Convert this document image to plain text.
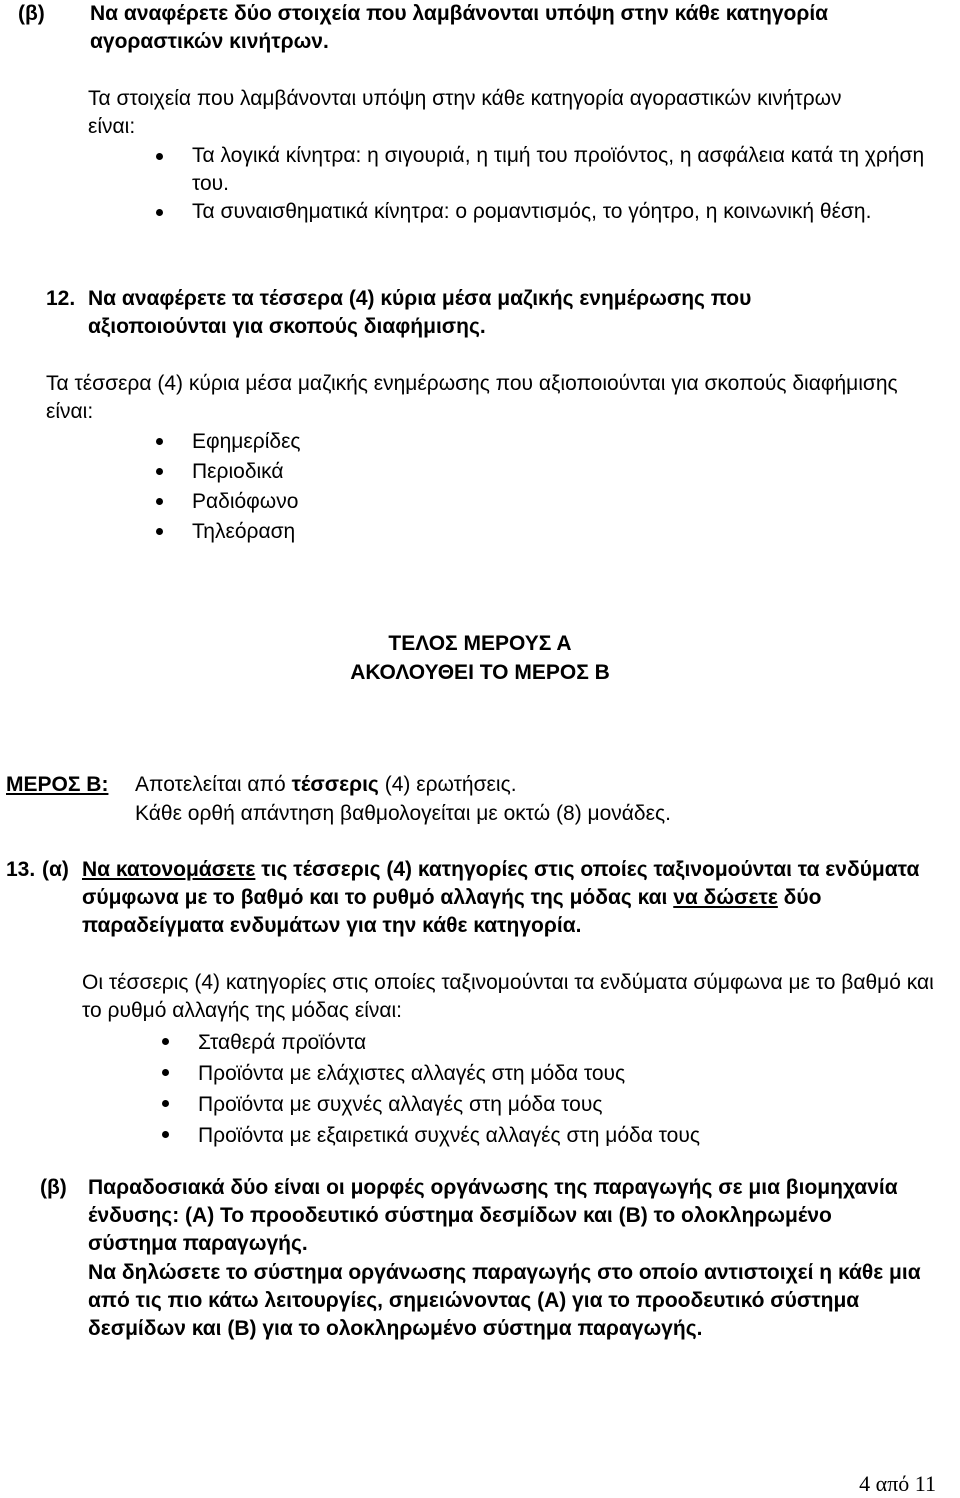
(β) Να αναφέρετε δύο στοιχεία που λαμβάνονται υπόψη στην κάθε κατηγορία αγοραστικών κινήτρων.
Τα στοιχεία που λαμβάνονται υπόψη στην κάθε κατηγορία αγοραστικών κινήτρων είναι:
Τα λογικά κίνητρα: η σιγουριά, η τιμή του προϊόντος, η ασφάλεια κατά τη χρήση του.
Τα συναισθηματικά κίνητρα: ο ρομαντισμός, το γόητρο, η κοινωνική θέση.
12. Να αναφέρετε τα τέσσερα (4) κύρια μέσα μαζικής ενημέρωσης που αξιοποιούνται για σκοπούς διαφήμισης.
Τα τέσσερα (4) κύρια μέσα μαζικής ενημέρωσης που αξιοποιούνται για σκοπούς διαφήμισης είναι:
Εφημερίδες
Περιοδικά
Ραδιόφωνο
Τηλεόραση
ΤΕΛΟΣ ΜΕΡΟΥΣ Α
ΑΚΟΛΟΥΘΕΙ ΤΟ ΜΕΡΟΣ Β
ΜΕΡΟΣ Β: Αποτελείται από τέσσερις (4) ερωτήσεις.
Κάθε ορθή απάντηση βαθμολογείται με οκτώ (8) μονάδες.
13. (α) Να κατονομάσετε τις τέσσερις (4) κατηγορίες στις οποίες ταξινομούνται τα ενδύματα σύμφωνα με το βαθμό και το ρυθμό αλλαγής της μόδας και να δώσετε δύο παραδείγματα ενδυμάτων για την κάθε κατηγορία.
Οι τέσσερις (4) κατηγορίες στις οποίες ταξινομούνται τα ενδύματα σύμφωνα με το βαθμό και το ρυθμό αλλαγής της μόδας είναι:
Σταθερά προϊόντα
Προϊόντα με ελάχιστες αλλαγές στη μόδα τους
Προϊόντα με συχνές αλλαγές στη μόδα τους
Προϊόντα με εξαιρετικά συχνές αλλαγές στη μόδα τους
(β) Παραδοσιακά δύο είναι οι μορφές οργάνωσης της παραγωγής σε μια βιομηχανία ένδυσης: (Α) Το προοδευτικό σύστημα δεσμίδων και (Β) το ολοκληρωμένο σύστημα παραγωγής.
Να δηλώσετε το σύστημα οργάνωσης παραγωγής στο οποίο αντιστοιχεί η κάθε μια από τις πιο κάτω λειτουργίες, σημειώνοντας (Α) για το προοδευτικό σύστημα δεσμίδων και (Β) για το ολοκληρωμένο σύστημα παραγωγής.
4 από 11
